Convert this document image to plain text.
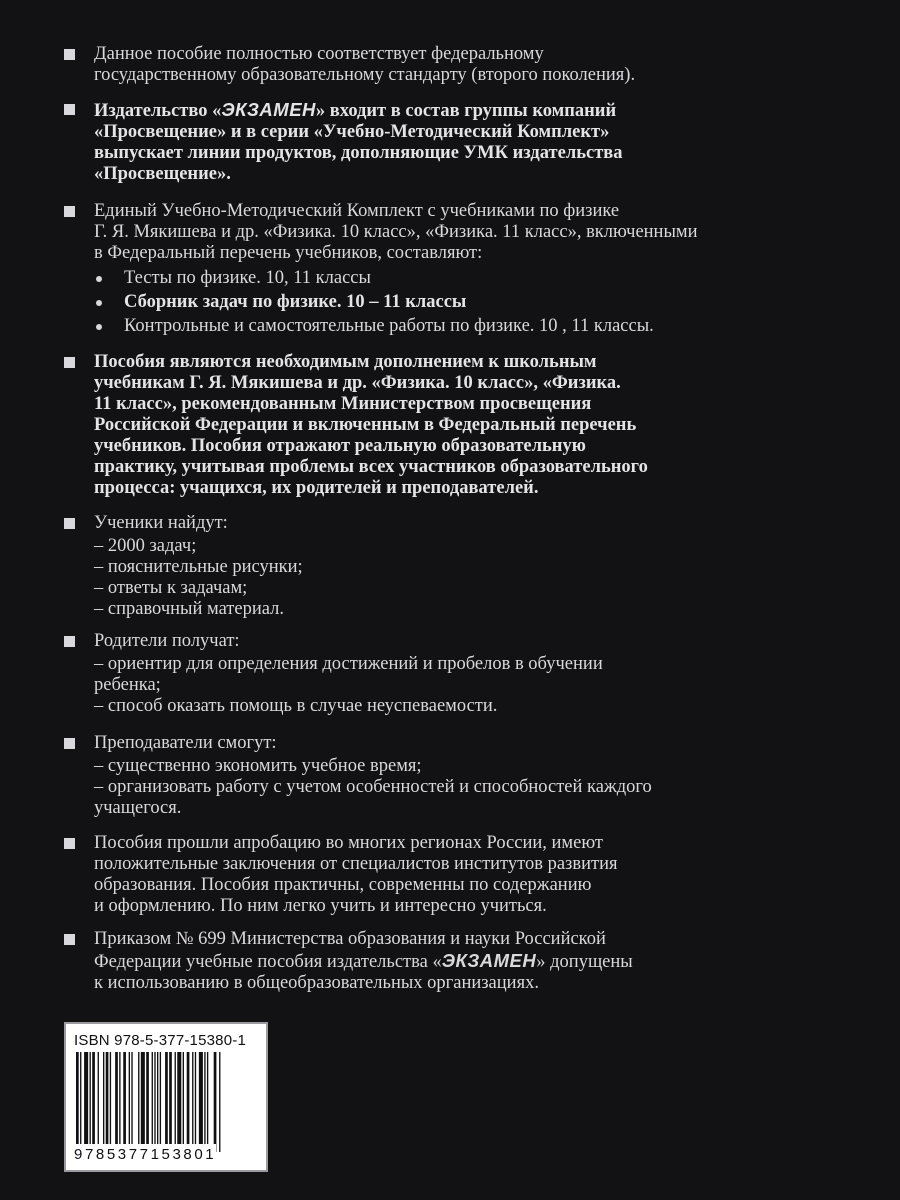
Данное пособие полностью соответствует федеральному
государственному образовательному стандарту (второго поколения).
Издательство «ЭКЗАМЕН» входит в состав группы компаний
«Просвещение» и в серии «Учебно-Методический Комплект»
выпускает линии продуктов, дополняющие УМК издательства
«Просвещение».
Единый Учебно-Методический Комплект с учебниками по физике
Г. Я. Мякишева и др. «Физика. 10 класс», «Физика. 11 класс», включенными
в Федеральный перечень учебников, составляют:
Тесты по физике. 10, 11 классы
Сборник задач по физике. 10 – 11 классы
Контрольные и самостоятельные работы по физике. 10 , 11 классы.
Пособия являются необходимым дополнением к школьным
учебникам Г. Я. Мякишева и др. «Физика. 10 класс», «Физика.
11 класс», рекомендованным Министерством просвещения
Российской Федерации и включенным в Федеральный перечень
учебников. Пособия отражают реальную образовательную
практику, учитывая проблемы всех участников образовательного
процесса: учащихся, их родителей и преподавателей.
Ученики найдут:
– 2000 задач;
– пояснительные рисунки;
– ответы к задачам;
– справочный материал.
Родители получат:
– ориентир для определения достижений и пробелов в обучении
ребенка;
– способ оказать помощь в случае неуспеваемости.
Преподаватели смогут:
– существенно экономить учебное время;
– организовать работу с учетом особенностей и способностей каждого
учащегося.
Пособия прошли апробацию во многих регионах России, имеют
положительные заключения от специалистов институтов развития
образования. Пособия практичны, современны по содержанию
и оформлению. По ним легко учить и интересно учиться.
Приказом № 699 Министерства образования и науки Российской
Федерации учебные пособия издательства «ЭКЗАМЕН» допущены
к использованию в общеобразовательных организациях.
ISBN 978-5-377-15380-1
9785377153801
